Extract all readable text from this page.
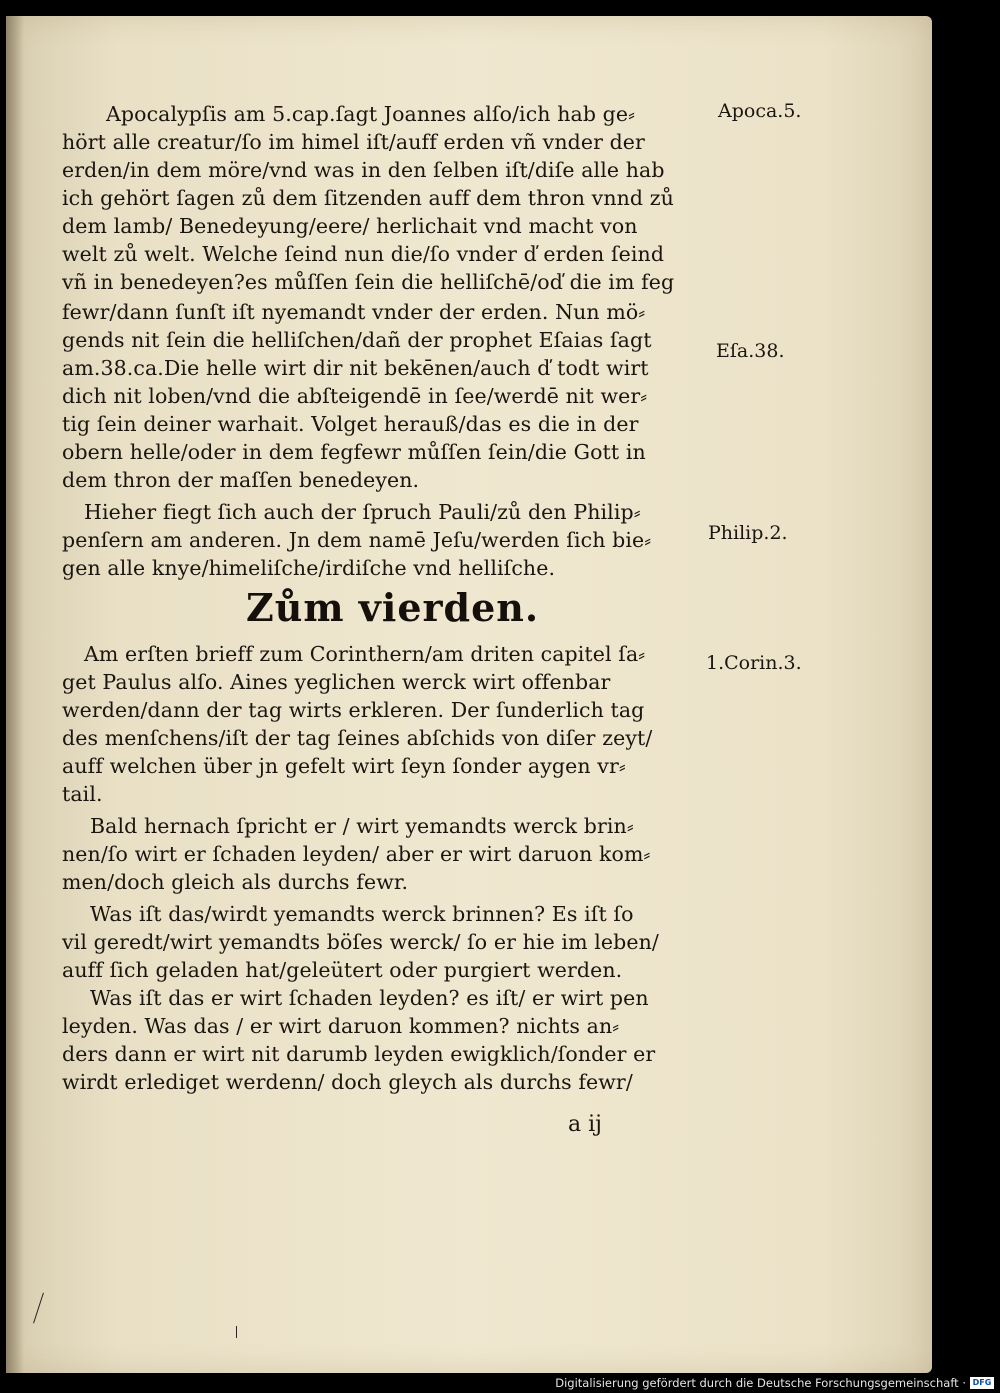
Apocalypſis am 5.cap.ſagt Joannes alſo/ich hab ge⸗
hört alle creatur/ſo im himel iſt/auff erden vñ vnder der
erden/in dem möre/vnd was in den ſelben iſt/diſe alle hab
ich gehört ſagen zů dem ſitzenden auff dem thron vnnd zů
dem lamb/ Benedeyung/eere/ herlichait vnd macht von
welt zů welt. Welche ſeind nun die/ſo vnder ď erden ſeind
vñ in benedeyen?es můſſen ſein die helliſchē/oď die im feg
fewr/dann ſunſt iſt nyemandt vnder der erden. Nun mö⸗
gends nit ſein die helliſchen/dañ der prophet Eſaias ſagt
am.38.ca.Die helle wirt dir nit bekēnen/auch ď todt wirt
dich nit loben/vnd die abſteigendē in ſee/werdē nit wer⸗
tig ſein deiner warhait. Volget herauß/das es die in der
obern helle/oder in dem fegfewr můſſen ſein/die Gott in
dem thron der maſſen benedeyen.
Hieher fiegt ſich auch der ſpruch Pauli/zů den Philip⸗
penſern am anderen. Jn dem namē Jeſu/werden ſich bie⸗
gen alle knye/himeliſche/irdiſche vnd helliſche.
Zům vierden.
Am erſten brieff zum Corinthern/am driten capitel ſa⸗
get Paulus alſo. Aines yeglichen werck wirt offenbar
werden/dann der tag wirts erkleren. Der ſunderlich tag
des menſchens/iſt der tag ſeines abſchids von diſer zeyt/
auff welchen über jn gefelt wirt ſeyn ſonder aygen vr⸗
tail.
Bald hernach ſpricht er / wirt yemandts werck brin⸗
nen/ſo wirt er ſchaden leyden/ aber er wirt daruon kom⸗
men/doch gleich als durchs fewr.
Was iſt das/wirdt yemandts werck brinnen? Es iſt ſo
vil geredt/wirt yemandts böſes werck/ ſo er hie im leben/
auff ſich geladen hat/geleütert oder purgiert werden.
Was iſt das er wirt ſchaden leyden? es iſt/ er wirt pen
leyden. Was das / er wirt daruon kommen? nichts an⸗
ders dann er wirt nit darumb leyden ewigklich/ſonder er
wirdt erlediget werdenn/ doch gleych als durchs fewr/
a ij
Apoca.5.
Eſa.38.
Philip.2.
1.Corin.3.
Digitalisierung gefördert durch die Deutsche Forschungsgemeinschaft · DFG
